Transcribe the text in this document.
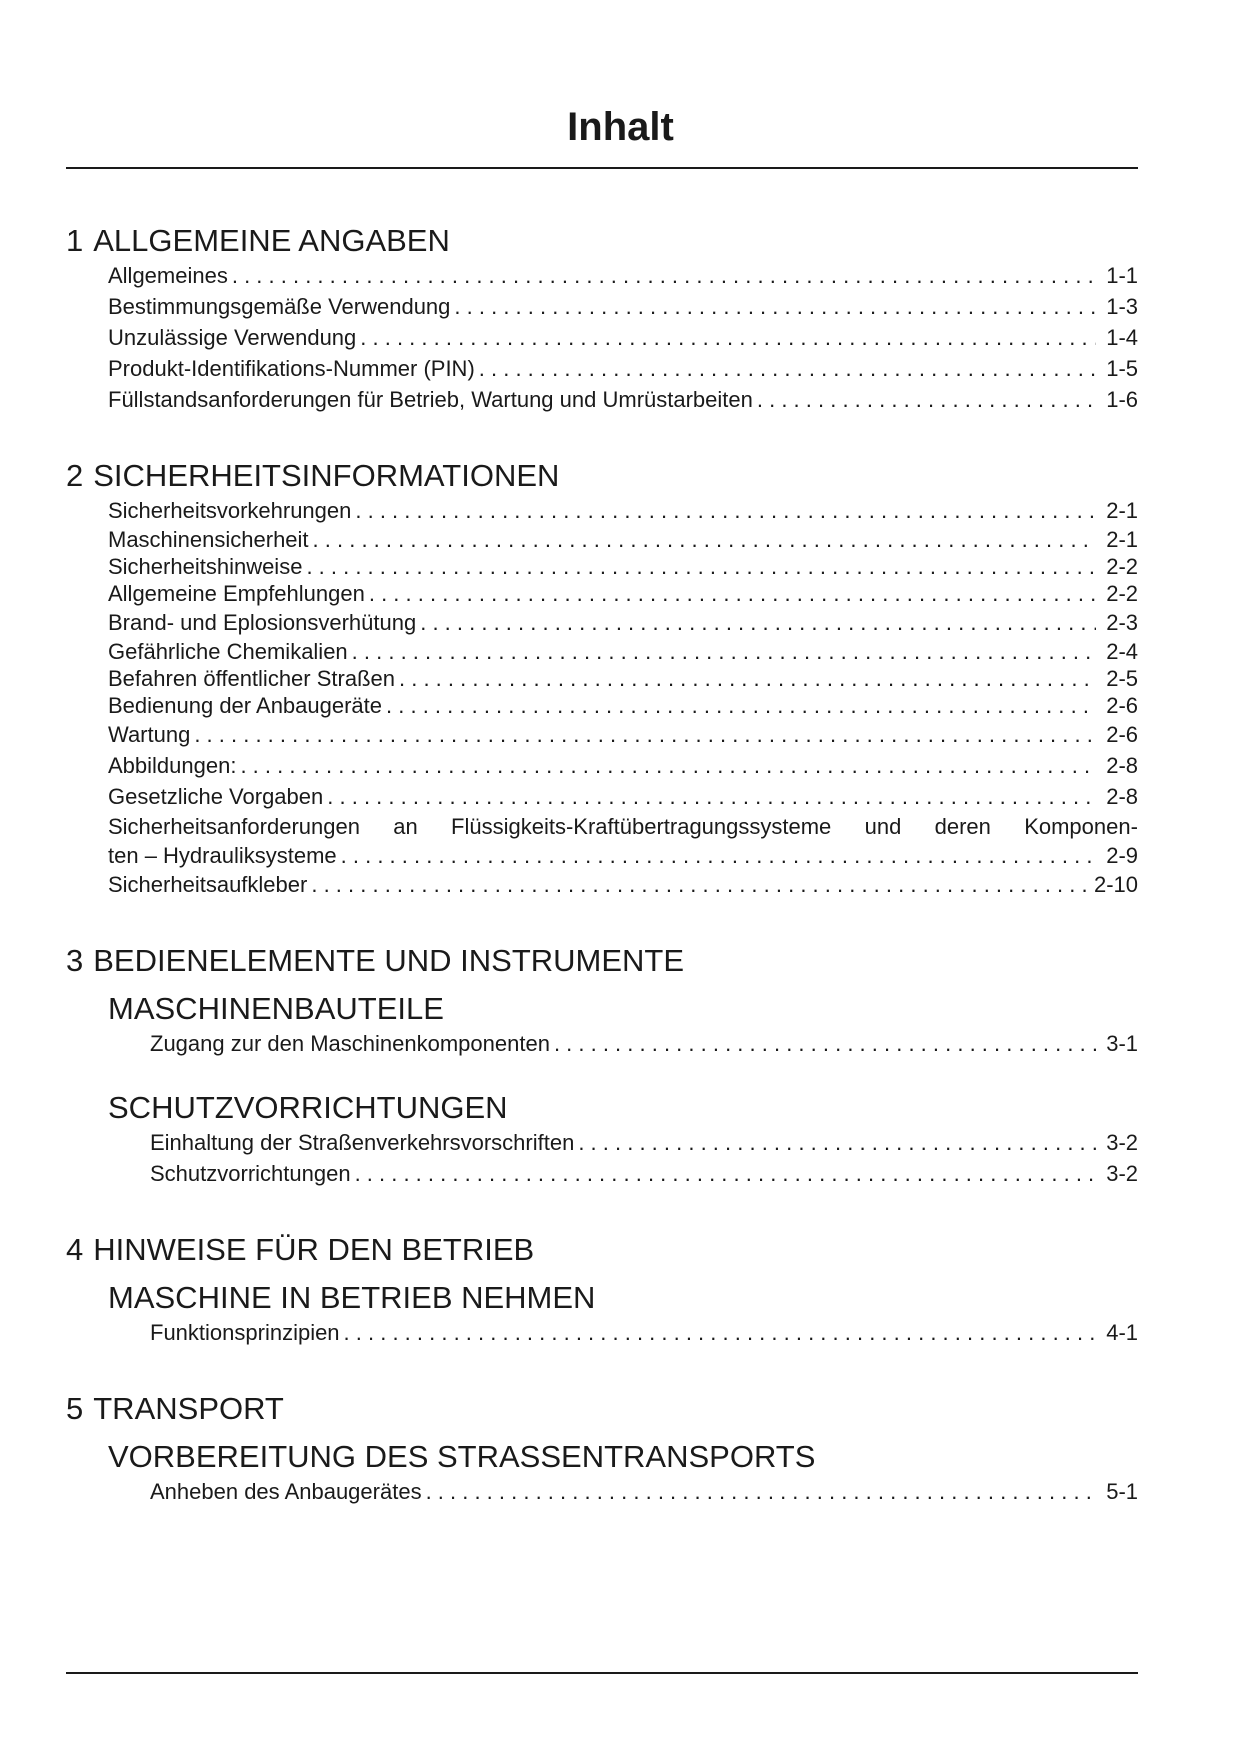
Inhalt
1 ALLGEMEINE ANGABEN
Allgemeines . . .	1-1
Bestimmungsgemäße Verwendung . . .	1-3
Unzulässige Verwendung . . .	1-4
Produkt-Identifikations-Nummer (PIN) . . .	1-5
Füllstandsanforderungen für Betrieb, Wartung und Umrüstarbeiten . . .	1-6
2 SICHERHEITSINFORMATIONEN
Sicherheitsvorkehrungen . . .	2-1
Maschinensicherheit . . .	2-1
Sicherheitshinweise . . .	2-2
Allgemeine Empfehlungen . . .	2-2
Brand- und Eplosionsverhütung . . .	2-3
Gefährliche Chemikalien . . .	2-4
Befahren öffentlicher Straßen . . .	2-5
Bedienung der Anbaugeräte . . .	2-6
Wartung . . .	2-6
Abbildungen: . . .	2-8
Gesetzliche Vorgaben . . .	2-8
Sicherheitsanforderungen an Flüssigkeits-Kraftübertragungssysteme und deren Komponen-
ten – Hydrauliksysteme . . .	2-9
Sicherheitsaufkleber . . .	2-10
3 BEDIENELEMENTE UND INSTRUMENTE
MASCHINENBAUTEILE
Zugang zur den Maschinenkomponenten . . .	3-1
SCHUTZVORRICHTUNGEN
Einhaltung der Straßenverkehrsvorschriften . . .	3-2
Schutzvorrichtungen . . .	3-2
4 HINWEISE FÜR DEN BETRIEB
MASCHINE IN BETRIEB NEHMEN
Funktionsprinzipien . . .	4-1
5 TRANSPORT
VORBEREITUNG DES STRASSENTRANSPORTS
Anheben des Anbaugerätes . . .	5-1
